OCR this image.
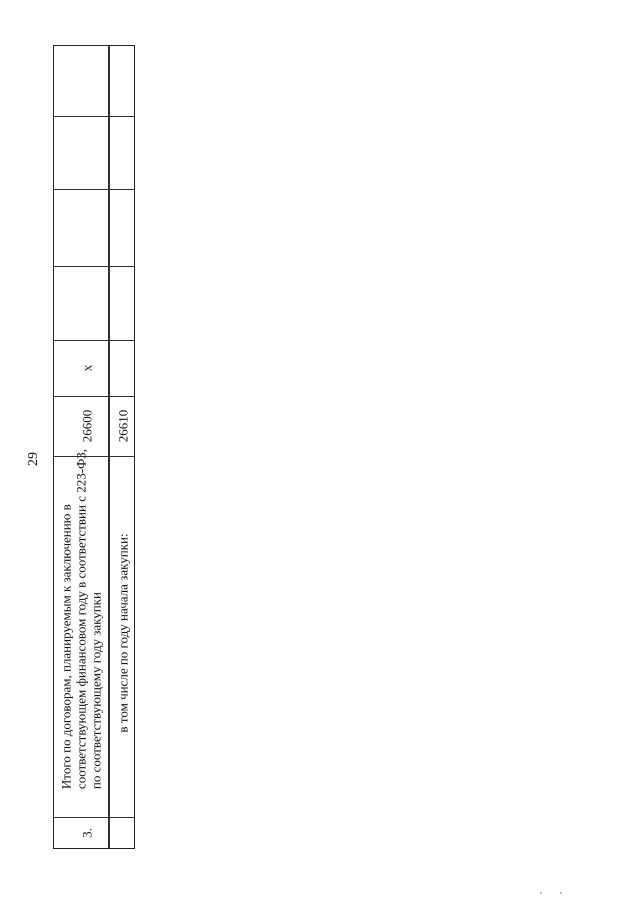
29
Итого по договорам, планируемым к заключению в соответствующем финансовом году в соответствии с 223-ФЗ, по соответствующему году закупки
3.
26600
x
в том числе по году начала закупки:
26610
